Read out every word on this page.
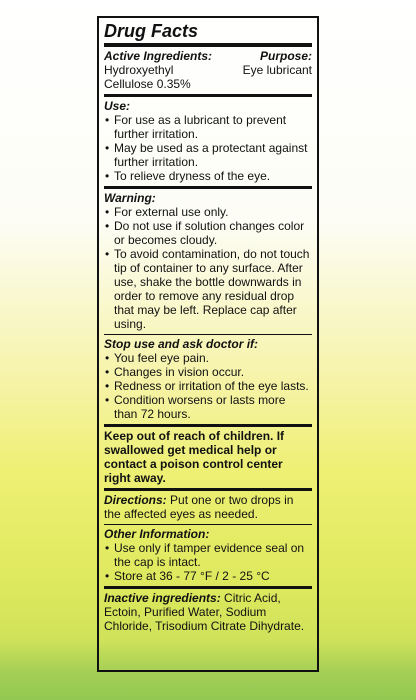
Drug Facts
Active Ingredients:	Purpose:
Hydroxyethyl	Eye lubricant
Cellulose 0.35%
Use:
• For use as a lubricant to prevent further irritation.
• May be used as a protectant against further irritation.
• To relieve dryness of the eye.
Warning:
• For external use only.
• Do not use if solution changes color or becomes cloudy.
• To avoid contamination, do not touch tip of container to any surface. After use, shake the bottle downwards in order to remove any residual drop that may be left. Replace cap after using.
Stop use and ask doctor if:
• You feel eye pain.
• Changes in vision occur.
• Redness or irritation of the eye lasts.
• Condition worsens or lasts more than 72 hours.
Keep out of reach of children. If swallowed get medical help or contact a poison control center right away.
Directions: Put one or two drops in the affected eyes as needed.
Other Information:
• Use only if tamper evidence seal on the cap is intact.
• Store at 36 - 77 °F / 2 - 25 °C
Inactive ingredients: Citric Acid, Ectoin, Purified Water, Sodium Chloride, Trisodium Citrate Dihydrate.
